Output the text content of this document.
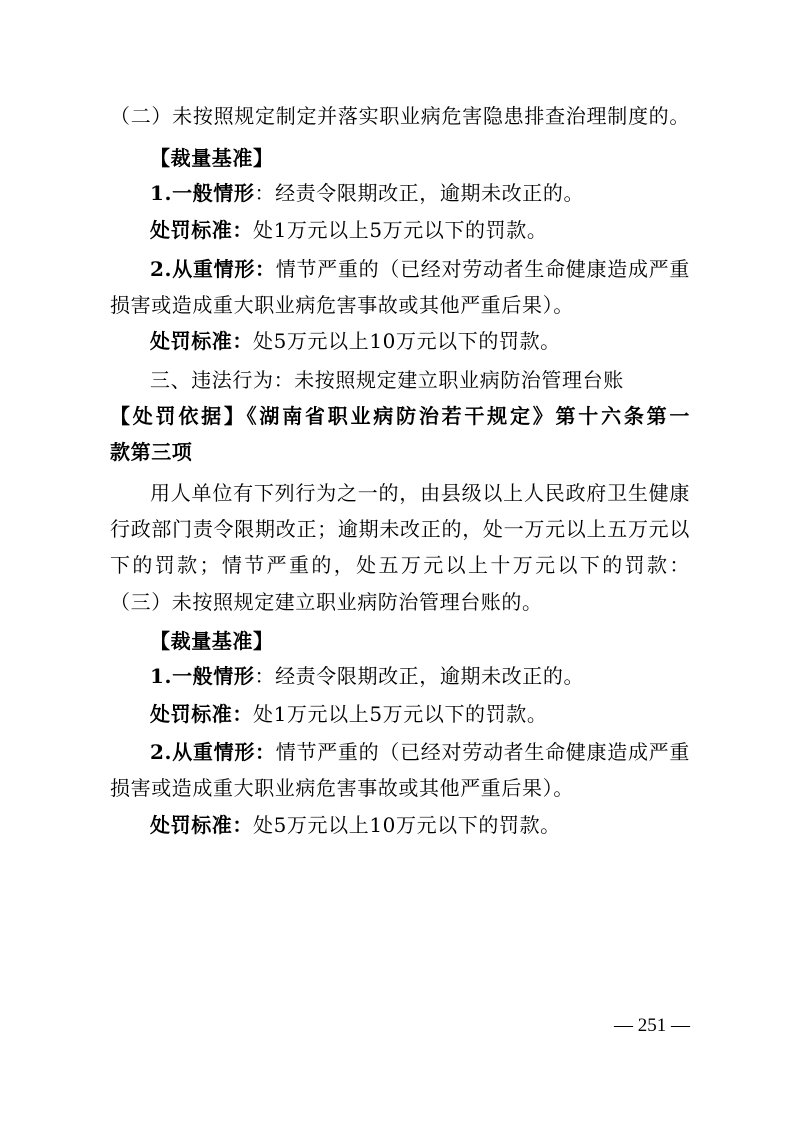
（二）未按照规定制定并落实职业病危害隐患排查治理制度的。
【裁量基准】
1.一般情形：经责令限期改正，逾期未改正的。
处罚标准：处1万元以上5万元以下的罚款。
2.从重情形：情节严重的（已经对劳动者生命健康造成严重
损害或造成重大职业病危害事故或其他严重后果）。
处罚标准：处5万元以上10万元以下的罚款。
三、违法行为：未按照规定建立职业病防治管理台账
【处罚依据】《湖南省职业病防治若干规定》第十六条第一
款第三项
用人单位有下列行为之一的，由县级以上人民政府卫生健康
行政部门责令限期改正；逾期未改正的，处一万元以上五万元以
下的罚款；情节严重的，处五万元以上十万元以下的罚款：
（三）未按照规定建立职业病防治管理台账的。
【裁量基准】
1.一般情形：经责令限期改正，逾期未改正的。
处罚标准：处1万元以上5万元以下的罚款。
2.从重情形：情节严重的（已经对劳动者生命健康造成严重
损害或造成重大职业病危害事故或其他严重后果）。
处罚标准：处5万元以上10万元以下的罚款。
— 251 —
